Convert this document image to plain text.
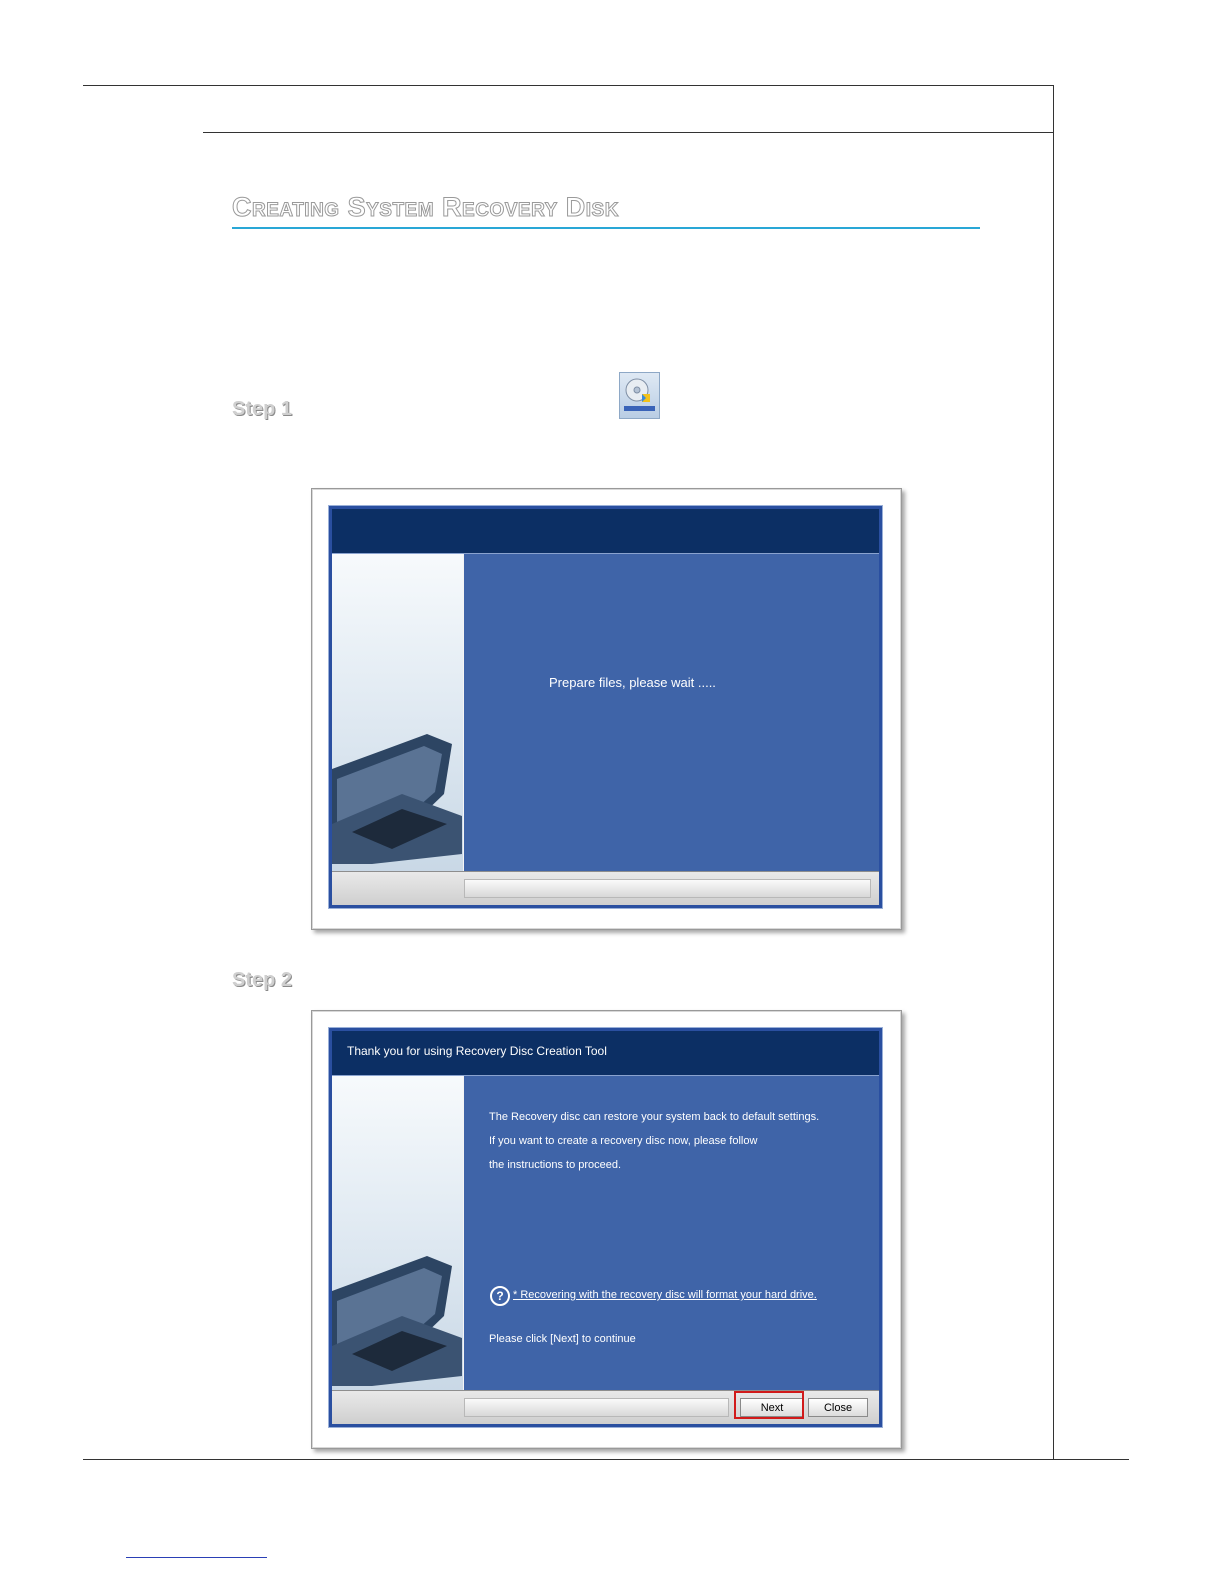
Creating System Recovery Disk
Step 1
Prepare files, please wait .....
Step 2
Thank you for using Recovery Disc Creation Tool
The Recovery disc can restore your system back to default settings.
If you want to create a recovery disc now, please follow
the instructions to proceed.
? * Recovering with the recovery disc will format your hard drive.
Please click [Next] to continue
Next	Close
